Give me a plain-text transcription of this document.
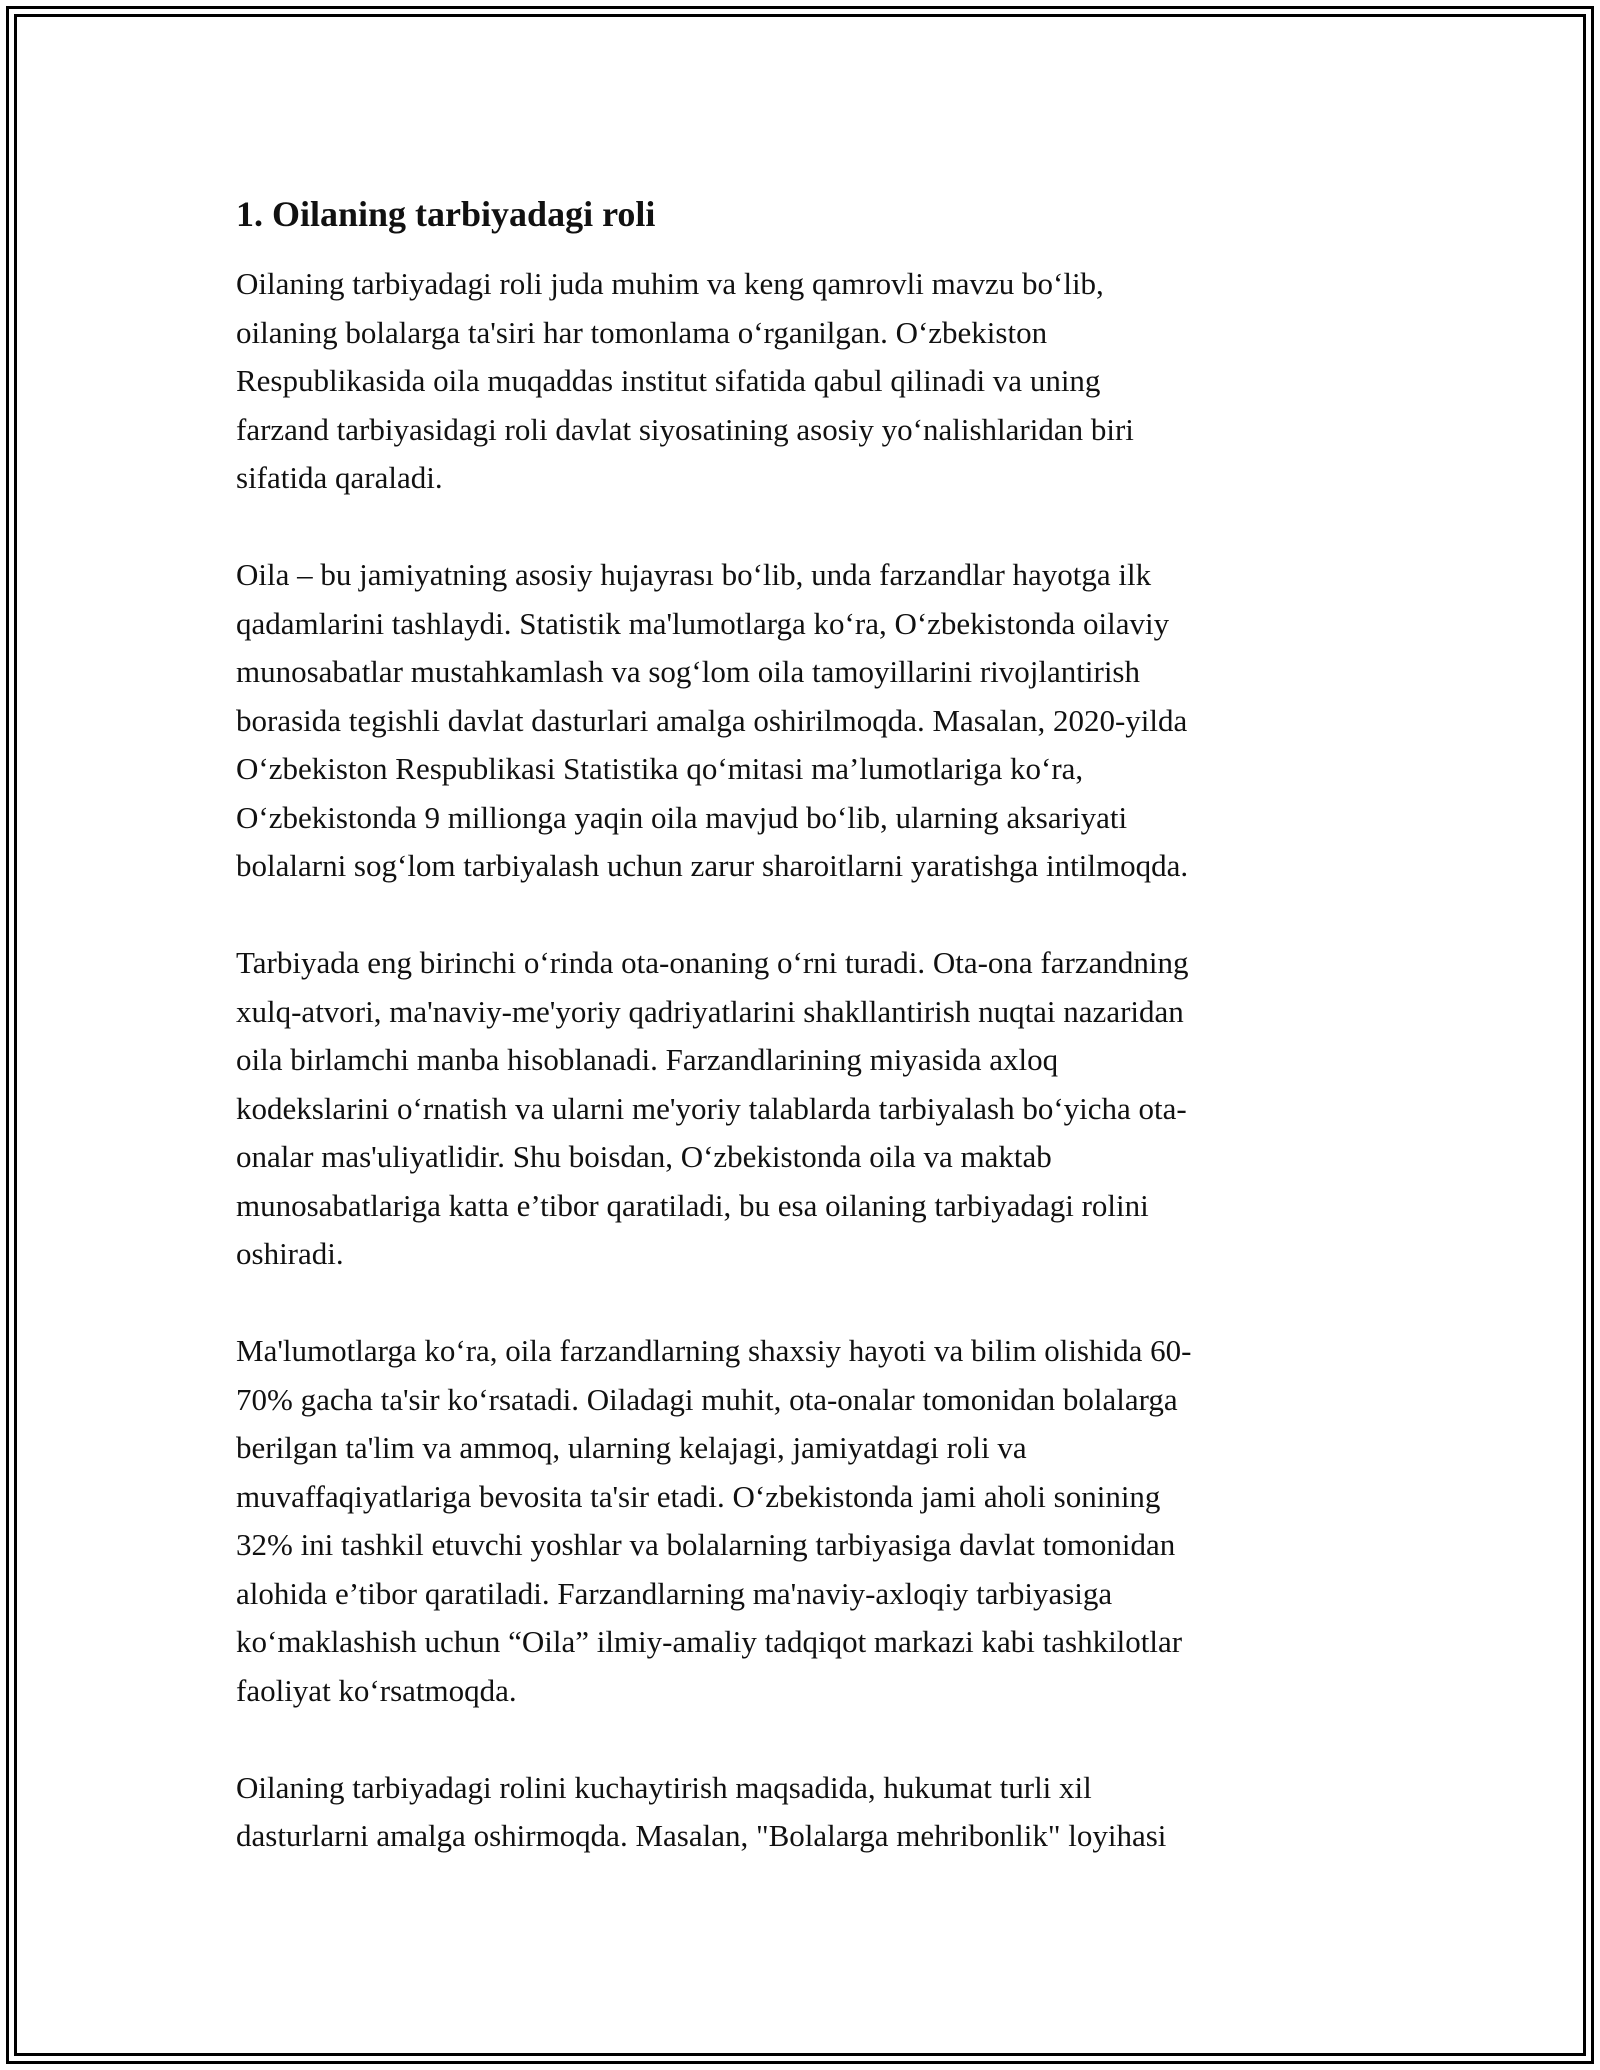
1. Oilaning tarbiyadagi roli
Oilaning tarbiyadagi roli juda muhim va keng qamrovli mavzu bo‘lib,
oilaning bolalarga ta'siri har tomonlama o‘rganilgan. O‘zbekiston
Respublikasida oila muqaddas institut sifatida qabul qilinadi va uning
farzand tarbiyasidagi roli davlat siyosatining asosiy yo‘nalishlaridan biri
sifatida qaraladi.
Oila – bu jamiyatning asosiy hujayrası bo‘lib, unda farzandlar hayotga ilk
qadamlarini tashlaydi. Statistik ma'lumotlarga ko‘ra, O‘zbekistonda oilaviy
munosabatlar mustahkamlash va sog‘lom oila tamoyillarini rivojlantirish
borasida tegishli davlat dasturlari amalga oshirilmoqda. Masalan, 2020-yilda
O‘zbekiston Respublikasi Statistika qo‘mitasi ma’lumotlariga ko‘ra,
O‘zbekistonda 9 millionga yaqin oila mavjud bo‘lib, ularning aksariyati
bolalarni sog‘lom tarbiyalash uchun zarur sharoitlarni yaratishga intilmoqda.
Tarbiyada eng birinchi o‘rinda ota-onaning o‘rni turadi. Ota-ona farzandning
xulq-atvori, ma'naviy-me'yoriy qadriyatlarini shakllantirish nuqtai nazaridan
oila birlamchi manba hisoblanadi. Farzandlarining miyasida axloq
kodekslarini o‘rnatish va ularni me'yoriy talablarda tarbiyalash bo‘yicha ota-
onalar mas'uliyatlidir. Shu boisdan, O‘zbekistonda oila va maktab
munosabatlariga katta e’tibor qaratiladi, bu esa oilaning tarbiyadagi rolini
oshiradi.
Ma'lumotlarga ko‘ra, oila farzandlarning shaxsiy hayoti va bilim olishida 60-
70% gacha ta'sir ko‘rsatadi. Oiladagi muhit, ota-onalar tomonidan bolalarga
berilgan ta'lim va ammoq, ularning kelajagi, jamiyatdagi roli va
muvaffaqiyatlariga bevosita ta'sir etadi. O‘zbekistonda jami aholi sonining
32% ini tashkil etuvchi yoshlar va bolalarning tarbiyasiga davlat tomonidan
alohida e’tibor qaratiladi. Farzandlarning ma'naviy-axloqiy tarbiyasiga
ko‘maklashish uchun “Oila” ilmiy-amaliy tadqiqot markazi kabi tashkilotlar
faoliyat ko‘rsatmoqda.
Oilaning tarbiyadagi rolini kuchaytirish maqsadida, hukumat turli xil
dasturlarni amalga oshirmoqda. Masalan, "Bolalarga mehribonlik" loyihasi
